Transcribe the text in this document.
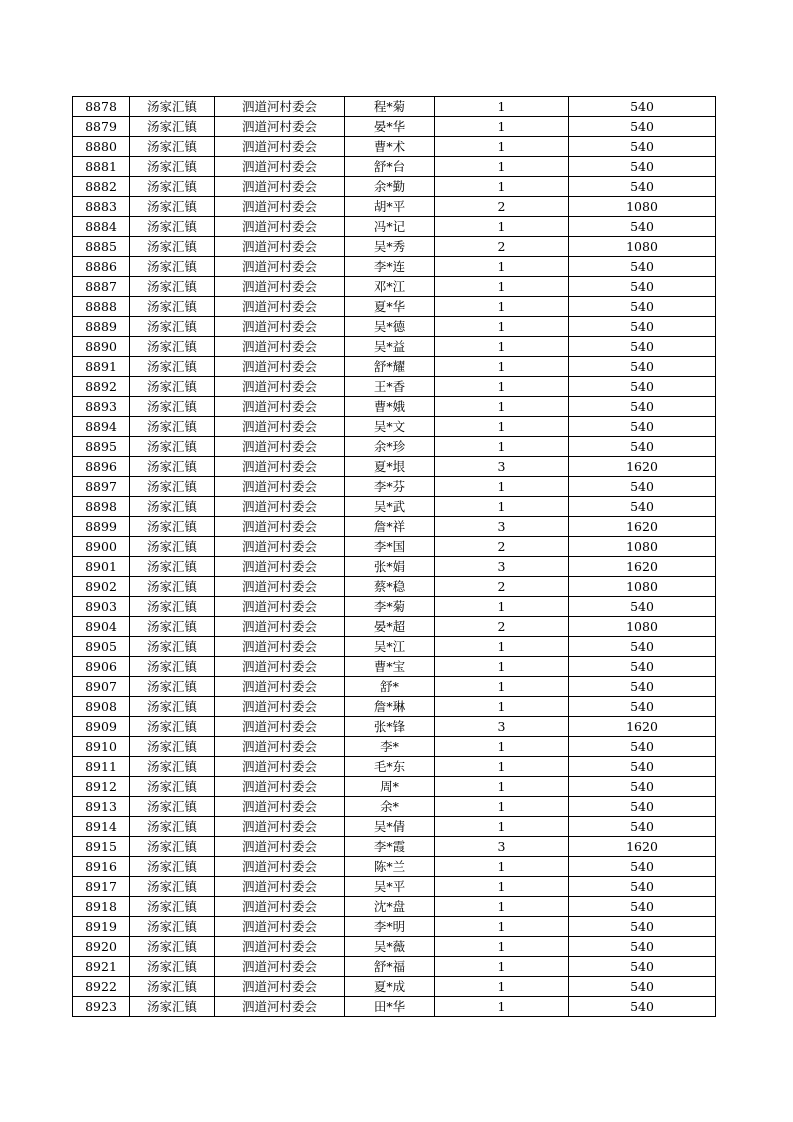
8878	汤家汇镇	泗道河村委会	程*菊	1	540
8879	汤家汇镇	泗道河村委会	晏*华	1	540
8880	汤家汇镇	泗道河村委会	曹*术	1	540
8881	汤家汇镇	泗道河村委会	舒*台	1	540
8882	汤家汇镇	泗道河村委会	余*勤	1	540
8883	汤家汇镇	泗道河村委会	胡*平	2	1080
8884	汤家汇镇	泗道河村委会	冯*记	1	540
8885	汤家汇镇	泗道河村委会	吴*秀	2	1080
8886	汤家汇镇	泗道河村委会	李*连	1	540
8887	汤家汇镇	泗道河村委会	邓*江	1	540
8888	汤家汇镇	泗道河村委会	夏*华	1	540
8889	汤家汇镇	泗道河村委会	吴*德	1	540
8890	汤家汇镇	泗道河村委会	吴*益	1	540
8891	汤家汇镇	泗道河村委会	舒*耀	1	540
8892	汤家汇镇	泗道河村委会	王*香	1	540
8893	汤家汇镇	泗道河村委会	曹*娥	1	540
8894	汤家汇镇	泗道河村委会	吴*文	1	540
8895	汤家汇镇	泗道河村委会	余*珍	1	540
8896	汤家汇镇	泗道河村委会	夏*垠	3	1620
8897	汤家汇镇	泗道河村委会	李*芬	1	540
8898	汤家汇镇	泗道河村委会	吴*武	1	540
8899	汤家汇镇	泗道河村委会	詹*祥	3	1620
8900	汤家汇镇	泗道河村委会	李*国	2	1080
8901	汤家汇镇	泗道河村委会	张*娟	3	1620
8902	汤家汇镇	泗道河村委会	蔡*稳	2	1080
8903	汤家汇镇	泗道河村委会	李*菊	1	540
8904	汤家汇镇	泗道河村委会	晏*超	2	1080
8905	汤家汇镇	泗道河村委会	吴*江	1	540
8906	汤家汇镇	泗道河村委会	曹*宝	1	540
8907	汤家汇镇	泗道河村委会	舒*	1	540
8908	汤家汇镇	泗道河村委会	詹*琳	1	540
8909	汤家汇镇	泗道河村委会	张*锋	3	1620
8910	汤家汇镇	泗道河村委会	李*	1	540
8911	汤家汇镇	泗道河村委会	毛*东	1	540
8912	汤家汇镇	泗道河村委会	周*	1	540
8913	汤家汇镇	泗道河村委会	余*	1	540
8914	汤家汇镇	泗道河村委会	吴*倩	1	540
8915	汤家汇镇	泗道河村委会	李*霞	3	1620
8916	汤家汇镇	泗道河村委会	陈*兰	1	540
8917	汤家汇镇	泗道河村委会	吴*平	1	540
8918	汤家汇镇	泗道河村委会	沈*盘	1	540
8919	汤家汇镇	泗道河村委会	李*明	1	540
8920	汤家汇镇	泗道河村委会	吴*薇	1	540
8921	汤家汇镇	泗道河村委会	舒*福	1	540
8922	汤家汇镇	泗道河村委会	夏*成	1	540
8923	汤家汇镇	泗道河村委会	田*华	1	540
